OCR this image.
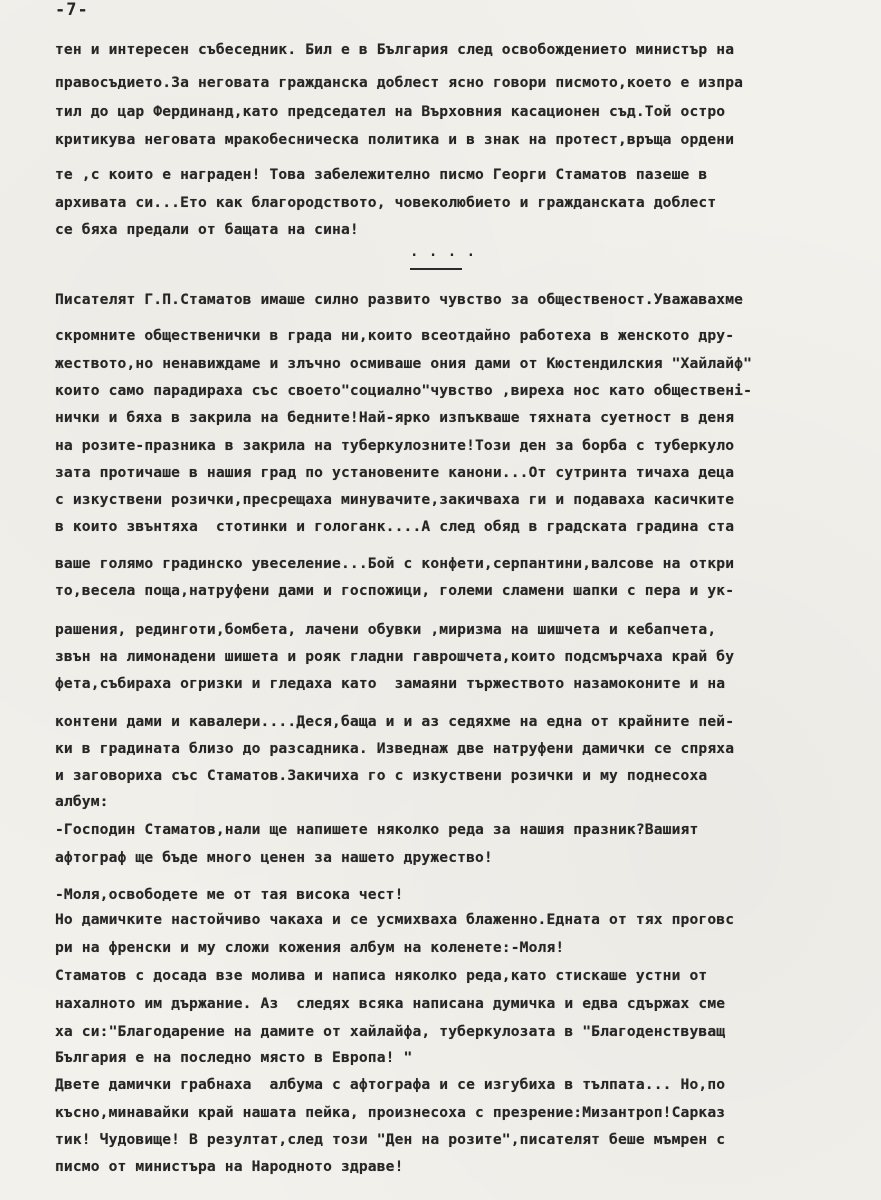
-7-
тен и интересен събеседник. Бил е в България след освобождението министър на
правосъдието.За неговата гражданска доблест ясно говори писмото,което е изпра
тил до цар Фердинанд,като председател на Върховния касационен съд.Той остро
критикува неговата мракобесническа политика и в знак на протест,връща ордени
те ,с които е награден! Това забележително писмо Георги Стаматов пазеше в
архивата си...Ето как благородството, човеколюбието и гражданската доблест
се бяха предали от бащата на сина!
. . . .
Писателят Г.П.Стаматов имаше силно развито чувство за общественост.Уважавахме
скромните общественички в града ни,които всеотдайно работеха в женското дру-
жеството,но ненавиждаме и злъчно осмиваше ония дами от Кюстендилския "Хайлайф"
които само парадираха със своето"социално"чувство ,виреха нос като общественi-
нички и бяха в закрила на бедните!Най-ярко изпъкваше тяхната суетност в деня
на розите-празника в закрила на туберкулозните!Този ден за борба с туберкуло
зата протичаше в нашия град по установените канони...От сутринта тичаха деца
с изкуствени розички,пресрещаха минувачите,закичваха ги и подаваха касичките
в които звънтяха  стотинки и гологанк....А след обяд в градската градина ста
ваше голямо градинско увеселение...Бой с конфети,серпантини,валсове на откри
то,весела поща,натруфени дами и госпожици, големи сламени шапки с пера и ук-
рашения, рединготи,бомбета, лачени обувки ,миризма на шишчета и кебапчета,
звън на лимонадени шишета и рояк гладни гаврошчета,които подсмърчаха край бу
фета,събираха огризки и гледаха като  замаяни тържеството назамоконите и на
контени дами и кавалери....Деся,баща и и аз седяхме на една от крайните пей-
ки в градината близо до разсадника. Изведнаж две натруфени дамички се спряха
и заговориха със Стаматов.Закичиха го с изкуствени розички и му поднесоха
албум:
-Господин Стаматов,нали ще напишете няколко реда за нашия празник?Вашият
афтограф ще бъде много ценен за нашето дружество!
-Моля,освободете ме от тая висока чест!
Но дамичките настойчиво чакаха и се усмихваха блаженно.Едната от тях проговс
ри на френски и му сложи кожения албум на коленете:-Моля!
Стаматов с досада взе молива и написа няколко реда,като стискаше устни от
нахалното им държание. Аз  следях всяка написана думичка и едва сдържах сме
ха си:"Благодарение на дамите от хайлайфа, туберкулозата в "Благоденствуващ
България е на последно място в Европа! "
Двете дамички грабнаха  албума с афтографа и се изгубиха в тълпата... Но,по
късно,минавайки край нашата пейка, произнесоха с презрение:Мизантроп!Сарказ
тик! Чудовище! В резултат,след този "Ден на розите",писателят беше мъмрен с
писмо от министъра на Народното здраве!
